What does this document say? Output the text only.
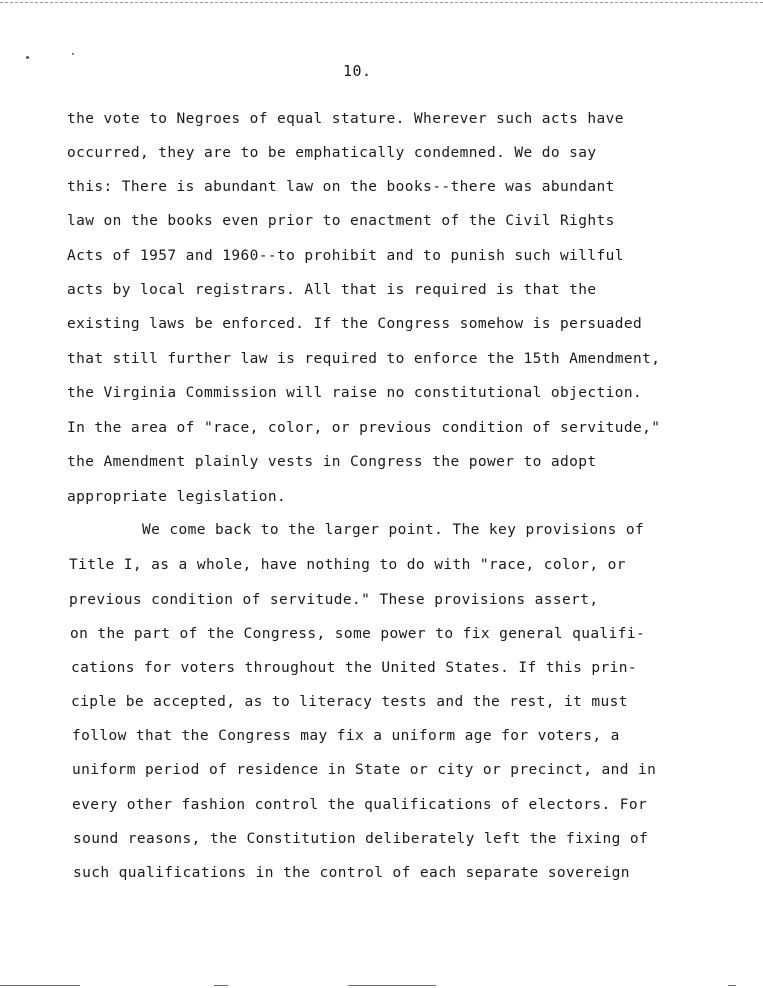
10.
the vote to Negroes of equal stature. Wherever such acts have
occurred, they are to be emphatically condemned. We do say
this: There is abundant law on the books--there was abundant
law on the books even prior to enactment of the Civil Rights
Acts of 1957 and 1960--to prohibit and to punish such willful
acts by local registrars. All that is required is that the
existing laws be enforced. If the Congress somehow is persuaded
that still further law is required to enforce the 15th Amendment,
the Virginia Commission will raise no constitutional objection.
In the area of "race, color, or previous condition of servitude,"
the Amendment plainly vests in Congress the power to adopt
appropriate legislation.
We come back to the larger point. The key provisions of
Title I, as a whole, have nothing to do with "race, color, or
previous condition of servitude." These provisions assert,
on the part of the Congress, some power to fix general qualifi-
cations for voters throughout the United States. If this prin-
ciple be accepted, as to literacy tests and the rest, it must
follow that the Congress may fix a uniform age for voters, a
uniform period of residence in State or city or precinct, and in
every other fashion control the qualifications of electors. For
sound reasons, the Constitution deliberately left the fixing of
such qualifications in the control of each separate sovereign
